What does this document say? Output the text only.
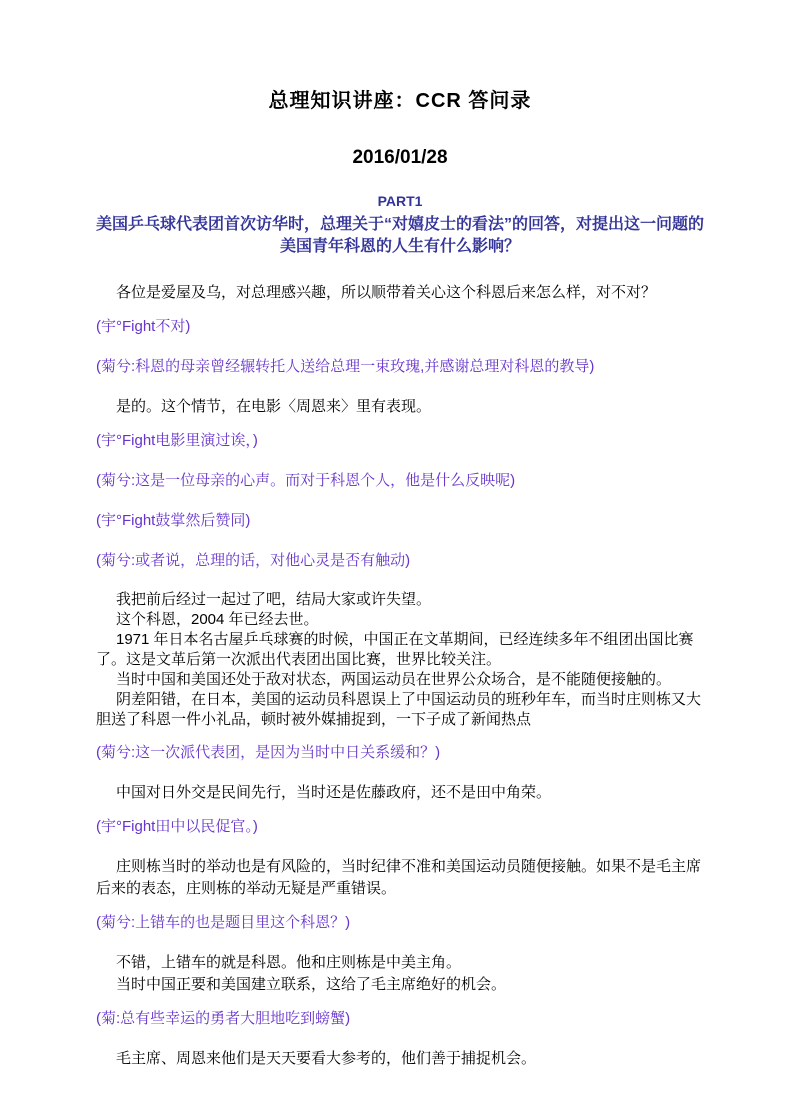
总理知识讲座：CCR 答问录
2016/01/28
PART1
美国乒乓球代表团首次访华时，总理关于“对嬉皮士的看法”的回答，对提出这一问题的
美国青年科恩的人生有什么影响？
各位是爱屋及乌，对总理感兴趣，所以顺带着关心这个科恩后来怎么样，对不对？
(宇°Fight不对)
(菊兮:科恩的母亲曾经辗转托人送给总理一束玫瑰,并感谢总理对科恩的教导)
是的。这个情节，在电影〈周恩来〉里有表现。
(宇°Fight电影里演过诶，)
(菊兮:这是一位母亲的心声。而对于科恩个人，他是什么反映呢)
(宇°Fight鼓掌然后赞同)
(菊兮:或者说，总理的话，对他心灵是否有触动)
我把前后经过一起过了吧，结局大家或许失望。
这个科恩，2004 年已经去世。
1971 年日本名古屋乒乓球赛的时候，中国正在文革期间，已经连续多年不组团出国比赛
了。这是文革后第一次派出代表团出国比赛，世界比较关注。
当时中国和美国还处于敌对状态，两国运动员在世界公众场合，是不能随便接触的。
阴差阳错，在日本，美国的运动员科恩误上了中国运动员的班秒年车，而当时庄则栋又大
胆送了科恩一件小礼品，顿时被外媒捕捉到，一下子成了新闻热点
(菊兮:这一次派代表团，是因为当时中日关系缓和？)
中国对日外交是民间先行，当时还是佐藤政府，还不是田中角荣。
(宇°Fight田中以民促官。)
庄则栋当时的举动也是有风险的，当时纪律不准和美国运动员随便接触。如果不是毛主席
后来的表态，庄则栋的举动无疑是严重错误。
(菊兮:上错车的也是题目里这个科恩？)
不错，上错车的就是科恩。他和庄则栋是中美主角。
当时中国正要和美国建立联系，这给了毛主席绝好的机会。
(菊:总有些幸运的勇者大胆地吃到螃蟹)
毛主席、周恩来他们是天天要看大参考的，他们善于捕捉机会。
